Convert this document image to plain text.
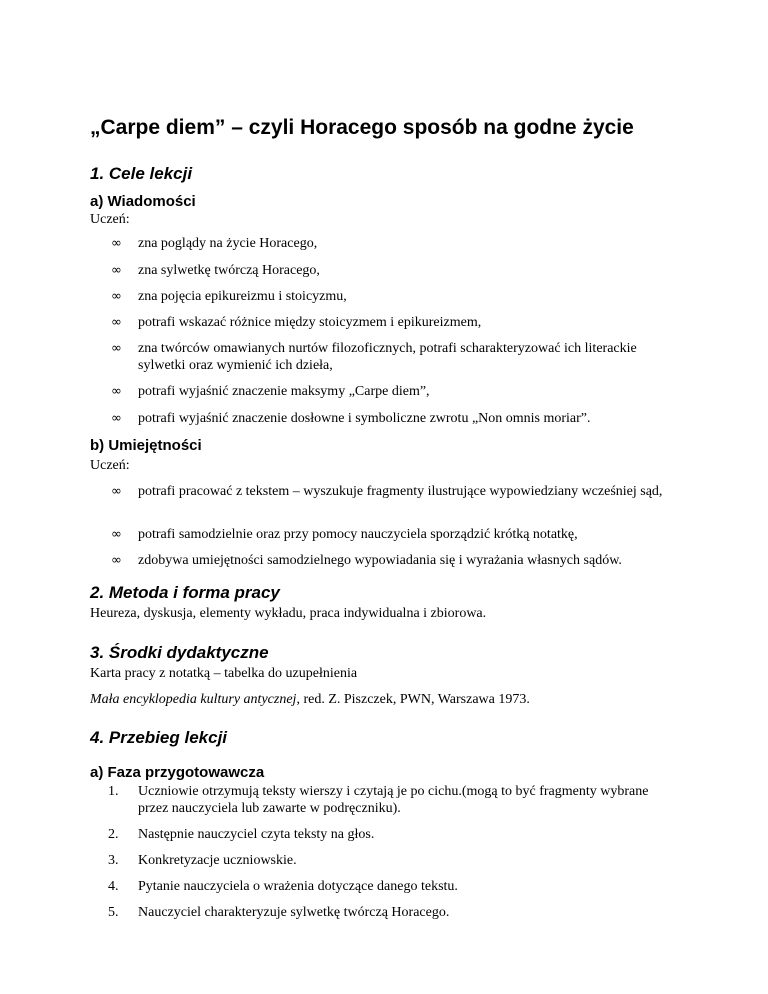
„Carpe diem” – czyli Horacego sposób na godne życie
1. Cele lekcji
a) Wiadomości

Uczeń:

∞ zna poglądy na życie Horacego,
∞ zna sylwetkę twórczą Horacego,
∞ zna pojęcia epikureizmu i stoicyzmu,
∞ potrafi wskazać różnice między stoicyzmem i epikureizmem,
∞ zna twórców omawianych nurtów filozoficznych, potrafi scharakteryzować ich literackie sylwetki oraz wymienić ich dzieła,
∞ potrafi wyjaśnić znaczenie maksymy „Carpe diem”,
∞ potrafi wyjaśnić znaczenie dosłowne i symboliczne zwrotu „Non omnis moriar”.
b) Umiejętności

Uczeń:

∞ potrafi pracować z tekstem – wyszukuje fragmenty ilustrujące wypowiedziany wcześniej sąd,
∞ potrafi samodzielnie oraz przy pomocy nauczyciela sporządzić krótką notatkę,
∞ zdobywa umiejętności samodzielnego wypowiadania się i wyrażania własnych sądów.
2. Metoda i forma pracy

Heureza, dyskusja, elementy wykładu, praca indywidualna i zbiorowa.

3. Środki dydaktyczne

Karta pracy z notatką – tabelka do uzupełnienia

Mała encyklopedia kultury antycznej, red. Z. Piszczek, PWN, Warszawa 1973.

4. Przebieg lekcji
a) Faza przygotowawcza
1. Uczniowie otrzymują teksty wierszy i czytają je po cichu.(mogą to być fragmenty wybrane przez nauczyciela lub zawarte w podręczniku).
2. Następnie nauczyciel czyta teksty na głos.
3. Konkretyzacje uczniowskie.
4. Pytanie nauczyciela o wrażenia dotyczące danego tekstu.
5. Nauczyciel charakteryzuje sylwetkę twórczą Horacego.
